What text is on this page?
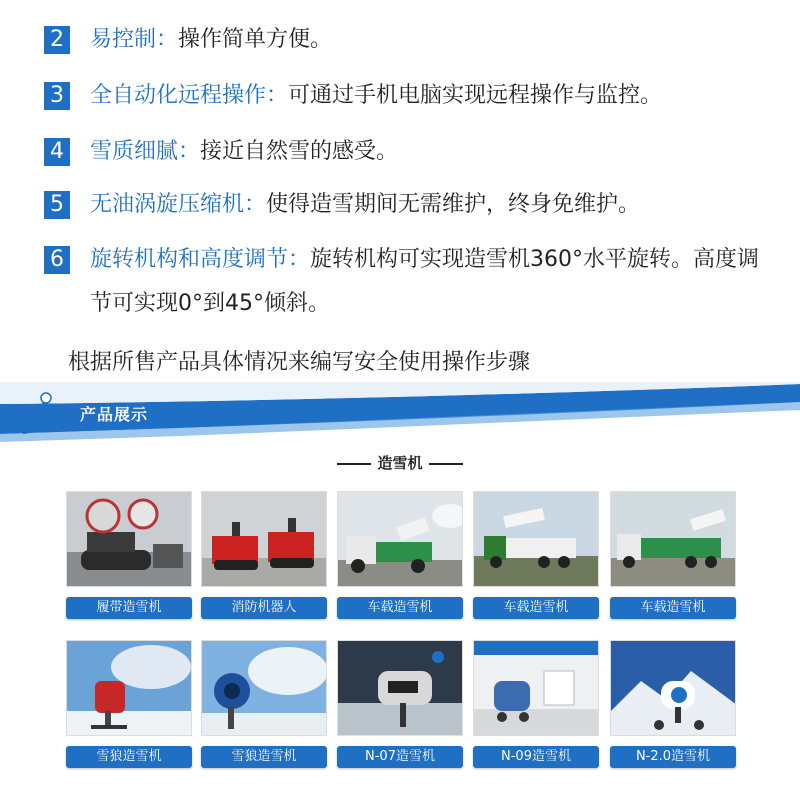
2 易控制：操作简单方便。
3 全自动化远程操作：可通过手机电脑实现远程操作与监控。
4 雪质细腻：接近自然雪的感受。
5 无油涡旋压缩机：使得造雪期间无需维护，终身免维护。
6 旋转机构和高度调节：旋转机构可实现造雪机360°水平旋转。高度调节可实现0°到45°倾斜。
根据所售产品具体情况来编写安全使用操作步骤
产品展示
造雪机
履带造雪机	消防机器人	车载造雪机	车载造雪机	车载造雪机
雪狼造雪机	雪狼造雪机	N-07造雪机	N-09造雪机	N-2.0造雪机
